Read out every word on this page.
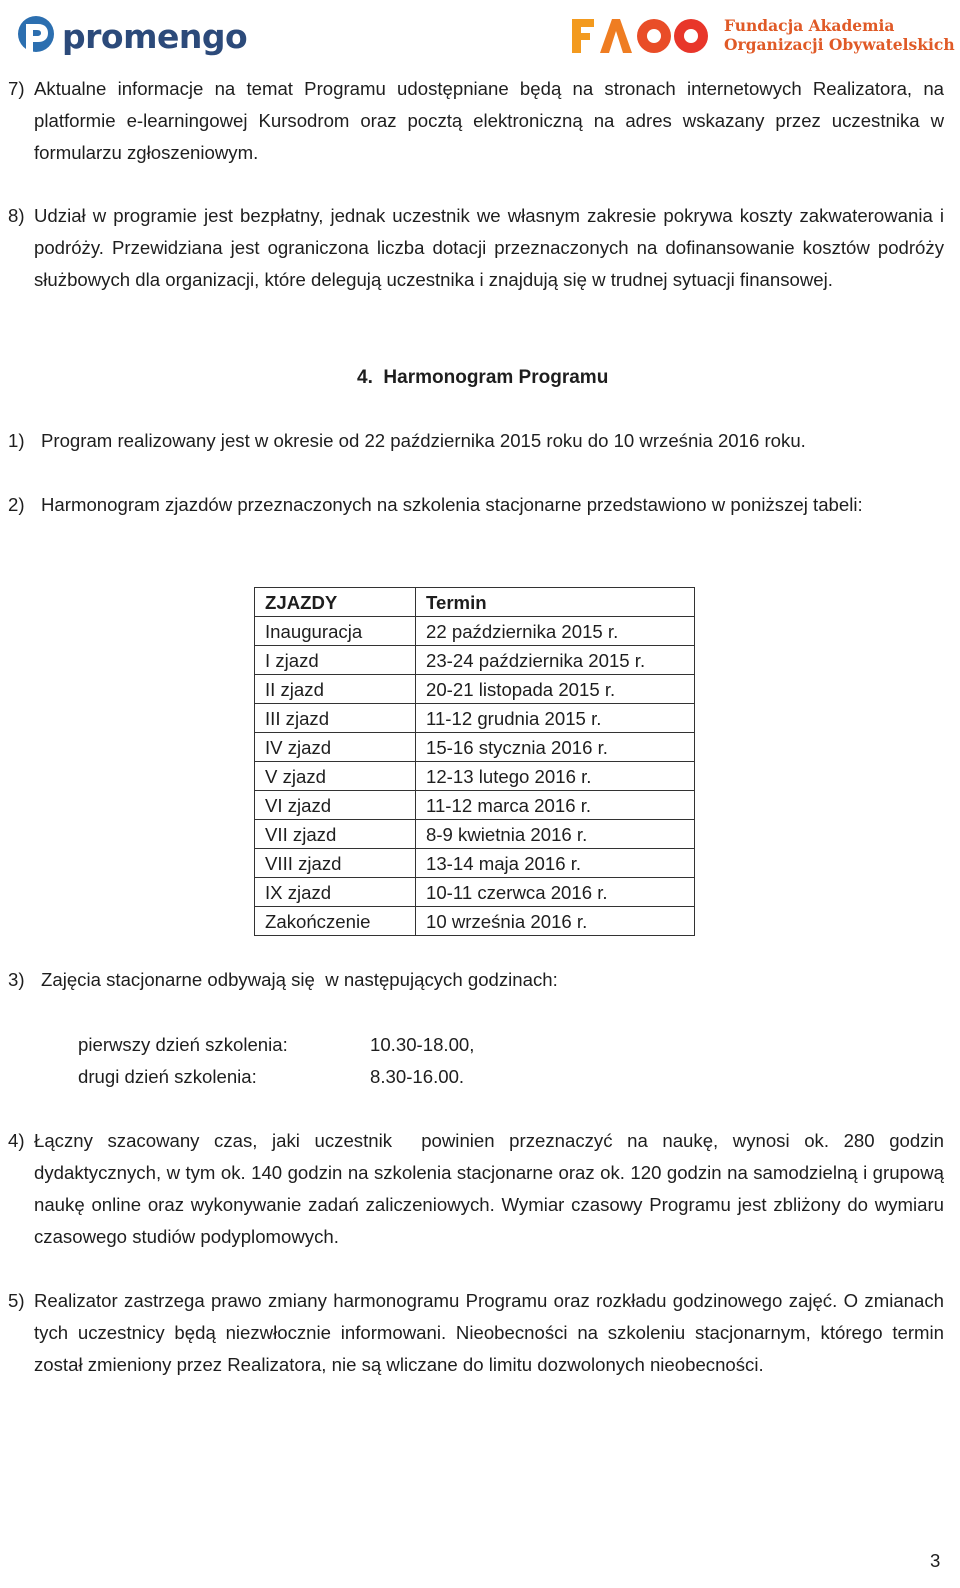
promengo	Fundacja Akademia
Organizacji Obywatelskich
7) Aktualne informacje na temat Programu udostępniane będą na stronach internetowych Realizatora, na platformie e-learningowej Kursodrom oraz pocztą elektroniczną na adres wskazany przez uczestnika w formularzu zgłoszeniowym.
8) Udział w programie jest bezpłatny, jednak uczestnik we własnym zakresie pokrywa koszty zakwaterowania i podróży. Przewidziana jest ograniczona liczba dotacji przeznaczonych na dofinansowanie kosztów podróży służbowych dla organizacji, które delegują uczestnika i znajdują się w trudnej sytuacji finansowej.
4. Harmonogram Programu
1) Program realizowany jest w okresie od 22 października 2015 roku do 10 września 2016 roku.
2) Harmonogram zjazdów przeznaczonych na szkolenia stacjonarne przedstawiono w poniższej tabeli:
ZJAZDY	Termin
Inauguracja	22 października 2015 r.
I zjazd	23-24 października 2015 r.
II zjazd	20-21 listopada 2015 r.
III zjazd	11-12 grudnia 2015 r.
IV zjazd	15-16 stycznia 2016 r.
V zjazd	12-13 lutego 2016 r.
VI zjazd	11-12 marca 2016 r.
VII zjazd	8-9 kwietnia 2016 r.
VIII zjazd	13-14 maja 2016 r.
IX zjazd	10-11 czerwca 2016 r.
Zakończenie	10 września 2016 r.
3) Zajęcia stacjonarne odbywają się  w następujących godzinach:
pierwszy dzień szkolenia:	10.30-18.00,
drugi dzień szkolenia:	8.30-16.00.
4) Łączny szacowany czas, jaki uczestnik  powinien przeznaczyć na naukę, wynosi ok. 280 godzin dydaktycznych, w tym ok. 140 godzin na szkolenia stacjonarne oraz ok. 120 godzin na samodzielną i grupową naukę online oraz wykonywanie zadań zaliczeniowych. Wymiar czasowy Programu jest zbliżony do wymiaru czasowego studiów podyplomowych.
5) Realizator zastrzega prawo zmiany harmonogramu Programu oraz rozkładu godzinowego zajęć. O zmianach tych uczestnicy będą niezwłocznie informowani. Nieobecności na szkoleniu stacjonarnym, którego termin został zmieniony przez Realizatora, nie są wliczane do limitu dozwolonych nieobecności.
3
